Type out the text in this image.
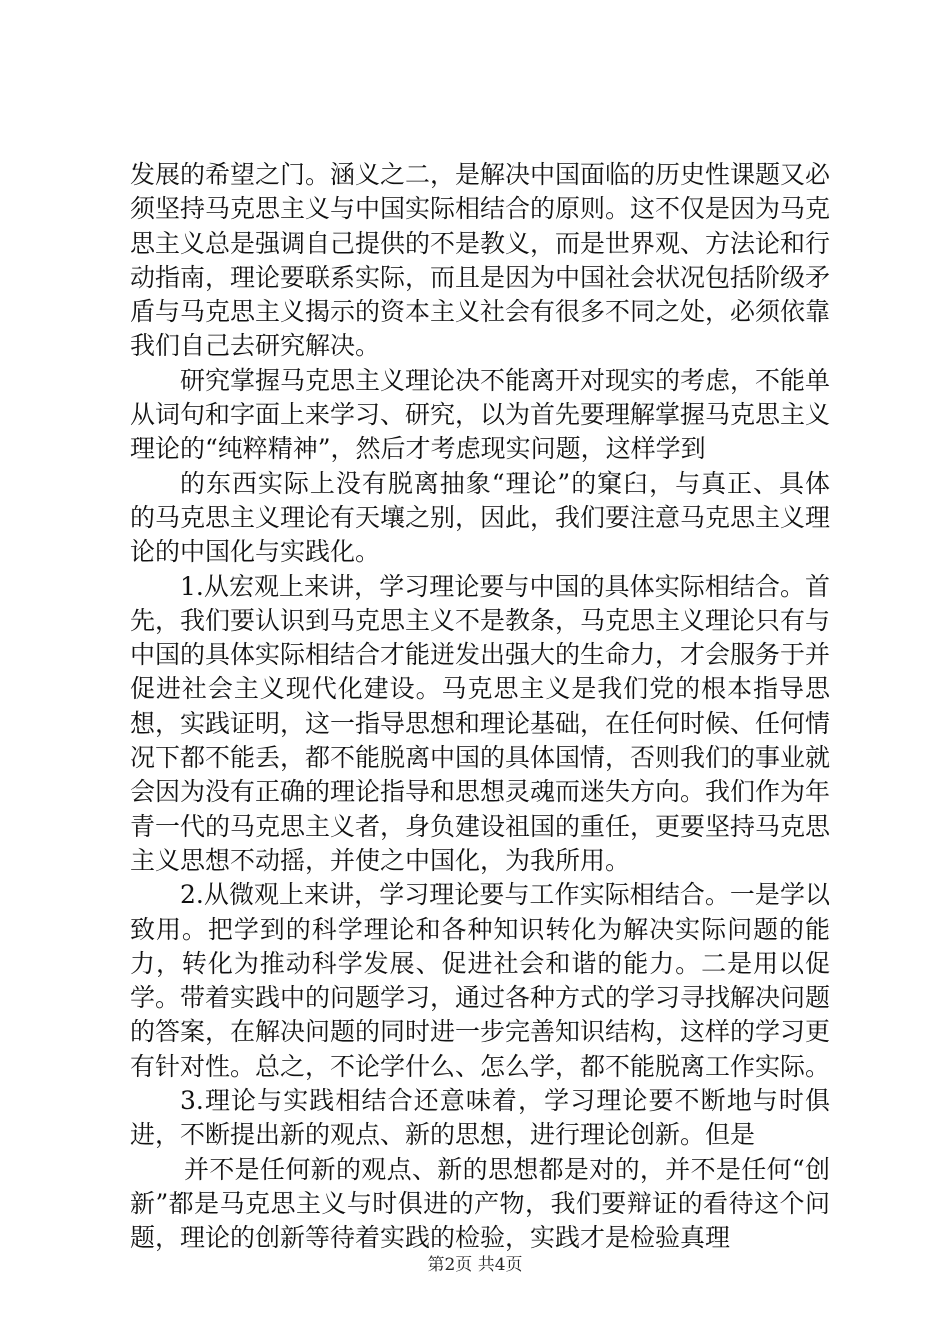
发展的希望之门。涵义之二，是解决中国面临的历史性课题又必须坚持马克思主义与中国实际相结合的原则。这不仅是因为马克思主义总是强调自己提供的不是教义，而是世界观、方法论和行动指南，理论要联系实际，而且是因为中国社会状况包括阶级矛盾与马克思主义揭示的资本主义社会有很多不同之处，必须依靠我们自己去研究解决。

研究掌握马克思主义理论决不能离开对现实的考虑，不能单从词句和字面上来学习、研究，以为首先要理解掌握马克思主义理论的“纯粹精神”，然后才考虑现实问题，这样学到

的东西实际上没有脱离抽象“理论”的窠臼，与真正、具体的马克思主义理论有天壤之别，因此，我们要注意马克思主义理论的中国化与实践化。

1.从宏观上来讲，学习理论要与中国的具体实际相结合。首先，我们要认识到马克思主义不是教条，马克思主义理论只有与中国的具体实际相结合才能迸发出强大的生命力，才会服务于并促进社会主义现代化建设。马克思主义是我们党的根本指导思想，实践证明，这一指导思想和理论基础，在任何时候、任何情况下都不能丢，都不能脱离中国的具体国情，否则我们的事业就会因为没有正确的理论指导和思想灵魂而迷失方向。我们作为年青一代的马克思主义者，身负建设祖国的重任，更要坚持马克思主义思想不动摇，并使之中国化，为我所用。

2.从微观上来讲，学习理论要与工作实际相结合。一是学以致用。把学到的科学理论和各种知识转化为解决实际问题的能力，转化为推动科学发展、促进社会和谐的能力。二是用以促学。带着实践中的问题学习，通过各种方式的学习寻找解决问题的答案，在解决问题的同时进一步完善知识结构，这样的学习更有针对性。总之，不论学什么、怎么学，都不能脱离工作实际。

3.理论与实践相结合还意味着，学习理论要不断地与时俱进，不断提出新的观点、新的思想，进行理论创新。但是

并不是任何新的观点、新的思想都是对的，并不是任何“创新”都是马克思主义与时俱进的产物，我们要辩证的看待这个问题，理论的创新等待着实践的检验，实践才是检验真理

第2页 共4页
